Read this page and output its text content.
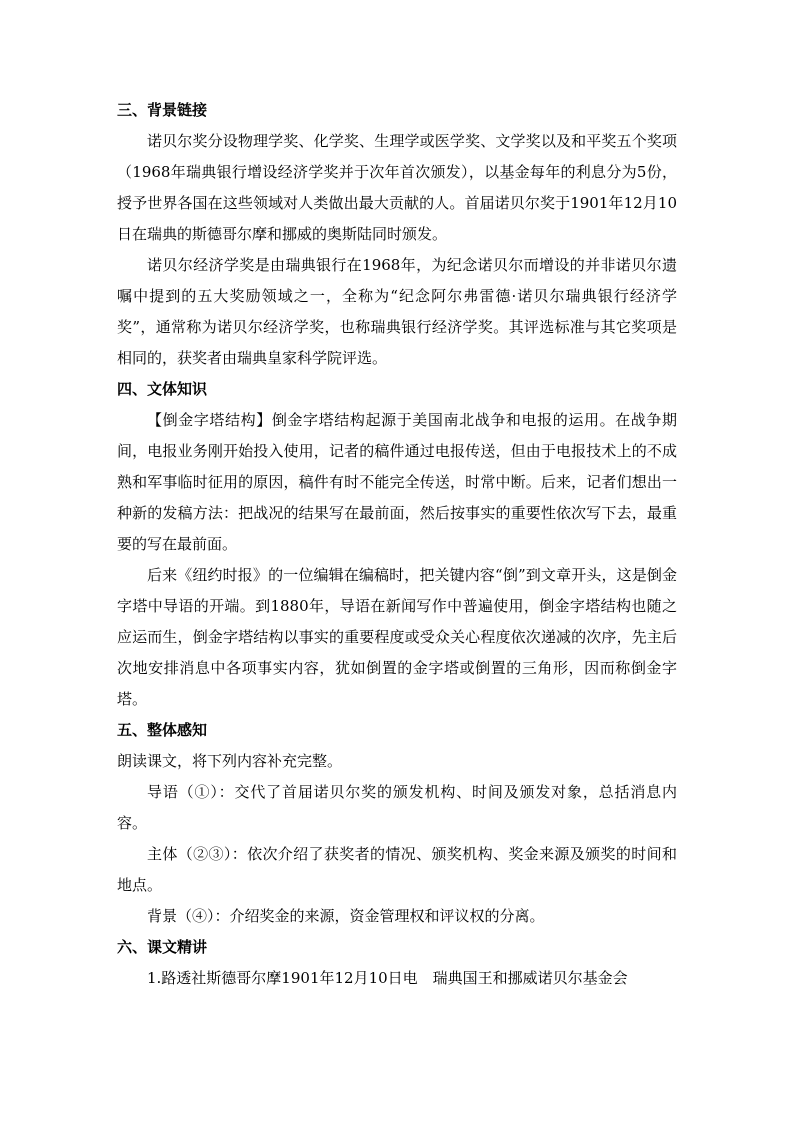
三、背景链接

诺贝尔奖分设物理学奖、化学奖、生理学或医学奖、文学奖以及和平奖五个奖项（1968年瑞典银行增设经济学奖并于次年首次颁发），以基金每年的利息分为5份，授予世界各国在这些领域对人类做出最大贡献的人。首届诺贝尔奖于1901年12月10日在瑞典的斯德哥尔摩和挪威的奥斯陆同时颁发。

诺贝尔经济学奖是由瑞典银行在1968年，为纪念诺贝尔而增设的并非诺贝尔遗嘱中提到的五大奖励领域之一，全称为“纪念阿尔弗雷德·诺贝尔瑞典银行经济学奖”，通常称为诺贝尔经济学奖，也称瑞典银行经济学奖。其评选标准与其它奖项是相同的，获奖者由瑞典皇家科学院评选。

四、文体知识

【倒金字塔结构】倒金字塔结构起源于美国南北战争和电报的运用。在战争期间，电报业务刚开始投入使用，记者的稿件通过电报传送，但由于电报技术上的不成熟和军事临时征用的原因，稿件有时不能完全传送，时常中断。后来，记者们想出一种新的发稿方法：把战况的结果写在最前面，然后按事实的重要性依次写下去，最重要的写在最前面。

后来《纽约时报》的一位编辑在编稿时，把关键内容“倒”到文章开头，这是倒金字塔中导语的开端。到1880年，导语在新闻写作中普遍使用，倒金字塔结构也随之应运而生，倒金字塔结构以事实的重要程度或受众关心程度依次递减的次序，先主后次地安排消息中各项事实内容，犹如倒置的金字塔或倒置的三角形，因而称倒金字塔。

五、整体感知

朗读课文，将下列内容补充完整。

导语（①）：交代了首届诺贝尔奖的颁发机构、时间及颁发对象，总括消息内容。

主体（②③）：依次介绍了获奖者的情况、颁奖机构、奖金来源及颁奖的时间和地点。

背景（④）：介绍奖金的来源，资金管理权和评议权的分离。

六、课文精讲

1.路透社斯德哥尔摩1901年12月10日电　瑞典国王和挪威诺贝尔基金会
